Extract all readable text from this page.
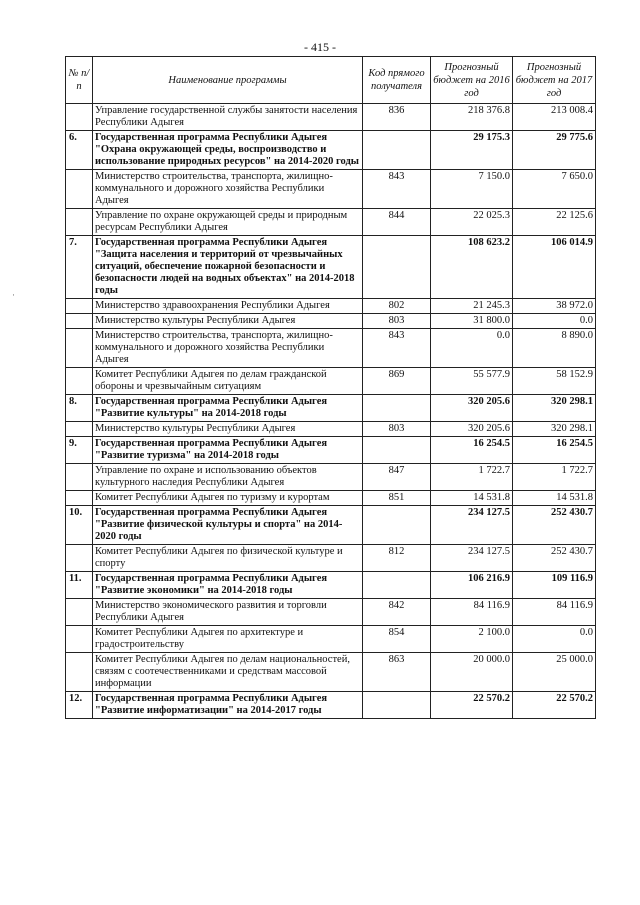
- 415 -
·
№ п/п	Наименование программы	Код прямого получателя	Прогнозный бюджет на 2016 год	Прогнозный бюджет на 2017 год
	Управление государственной службы занятости населения Республики Адыгея	836	218 376.8	213 008.4
6.	Государственная программа Республики Адыгея "Охрана окружающей среды, воспроизводство и использование природных ресурсов" на 2014-2020 годы		29 175.3	29 775.6
	Министерство строительства, транспорта, жилищно-коммунального и дорожного хозяйства Республики Адыгея	843	7 150.0	7 650.0
	Управление по охране окружающей среды и природным ресурсам Республики Адыгея	844	22 025.3	22 125.6
7.	Государственная программа Республики Адыгея "Защита населения и территорий от чрезвычайных ситуаций, обеспечение пожарной безопасности и безопасности людей на водных объектах" на 2014-2018 годы		108 623.2	106 014.9
	Министерство здравоохранения Республики Адыгея	802	21 245.3	38 972.0
	Министерство культуры Республики Адыгея	803	31 800.0	0.0
	Министерство строительства, транспорта, жилищно-коммунального и дорожного хозяйства Республики Адыгея	843	0.0	8 890.0
	Комитет Республики Адыгея по делам гражданской обороны и чрезвычайным ситуациям	869	55 577.9	58 152.9
8.	Государственная программа Республики Адыгея "Развитие культуры" на 2014-2018 годы		320 205.6	320 298.1
	Министерство культуры Республики Адыгея	803	320 205.6	320 298.1
9.	Государственная программа Республики Адыгея "Развитие туризма" на 2014-2018 годы		16 254.5	16 254.5
	Управление по охране и использованию объектов культурного наследия Республики Адыгея	847	1 722.7	1 722.7
	Комитет Республики Адыгея по туризму и курортам	851	14 531.8	14 531.8
10.	Государственная программа Республики Адыгея "Развитие физической культуры и спорта" на 2014-2020 годы		234 127.5	252 430.7
	Комитет Республики Адыгея по физической культуре и спорту	812	234 127.5	252 430.7
11.	Государственная программа Республики Адыгея "Развитие экономики" на 2014-2018 годы		106 216.9	109 116.9
	Министерство экономического развития и торговли Республики Адыгея	842	84 116.9	84 116.9
	Комитет Республики Адыгея по архитектуре и градостроительству	854	2 100.0	0.0
	Комитет Республики Адыгея по делам национальностей, связям с соотечественниками и средствам массовой информации	863	20 000.0	25 000.0
12.	Государственная программа Республики Адыгея "Развитие информатизации" на 2014-2017 годы		22 570.2	22 570.2
